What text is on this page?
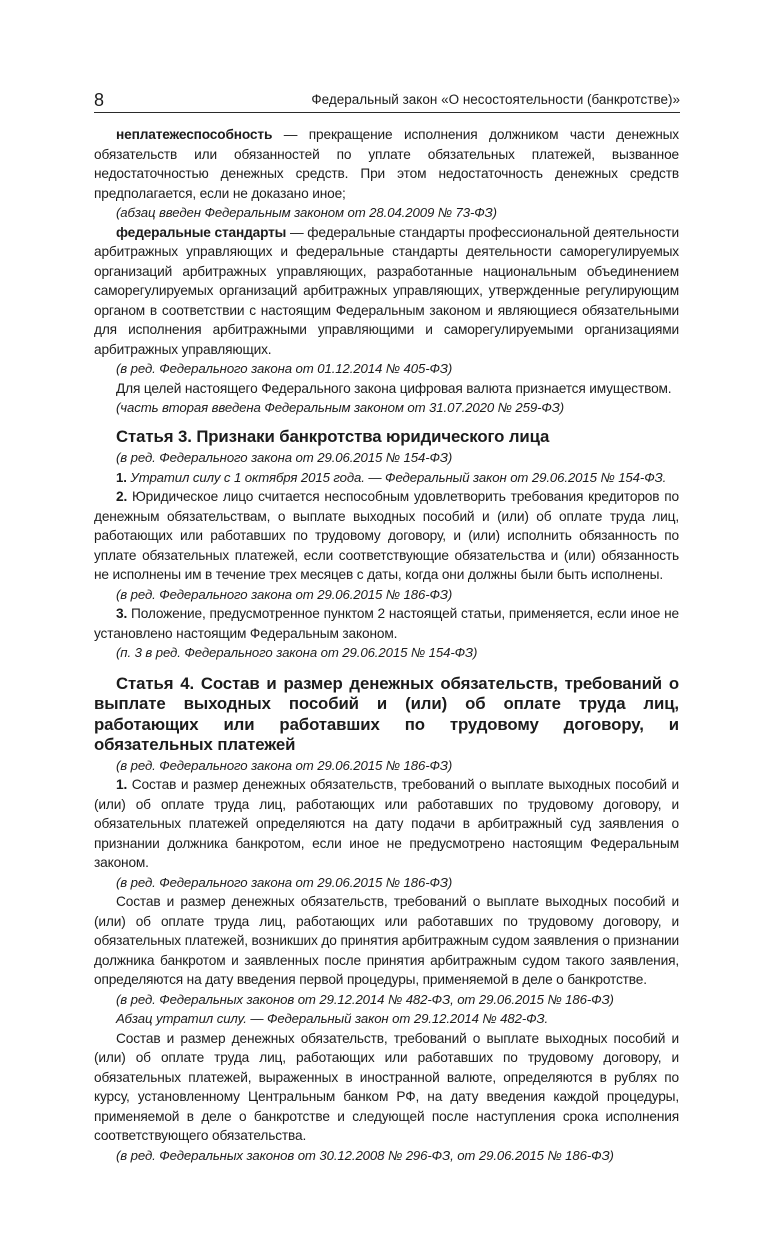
8	Федеральный закон «О несостоятельности (банкротстве)»

неплатежеспособность — прекращение исполнения должником части денежных обязательств или обязанностей по уплате обязательных платежей, вызванное недостаточностью денежных средств. При этом недостаточность денежных средств предполагается, если не доказано иное;

(абзац введен Федеральным законом от 28.04.2009 № 73-ФЗ)

федеральные стандарты — федеральные стандарты профессиональной деятельности арбитражных управляющих и федеральные стандарты деятельности саморегулируемых организаций арбитражных управляющих, разработанные национальным объединением саморегулируемых организаций арбитражных управляющих, утвержденные регулирующим органом в соответствии с настоящим Федеральным законом и являющиеся обязательными для исполнения арбитражными управляющими и саморегулируемыми организациями арбитражных управляющих.

(в ред. Федерального закона от 01.12.2014 № 405-ФЗ)

Для целей настоящего Федерального закона цифровая валюта признается имуществом.

(часть вторая введена Федеральным законом от 31.07.2020 № 259-ФЗ)

Статья 3. Признаки банкротства юридического лица

(в ред. Федерального закона от 29.06.2015 № 154-ФЗ)

1. Утратил силу с 1 октября 2015 года. — Федеральный закон от 29.06.2015 № 154-ФЗ.

2. Юридическое лицо считается неспособным удовлетворить требования кредиторов по денежным обязательствам, о выплате выходных пособий и (или) об оплате труда лиц, работающих или работавших по трудовому договору, и (или) исполнить обязанность по уплате обязательных платежей, если соответствующие обязательства и (или) обязанность не исполнены им в течение трех месяцев с даты, когда они должны были быть исполнены.

(в ред. Федерального закона от 29.06.2015 № 186-ФЗ)

3. Положение, предусмотренное пунктом 2 настоящей статьи, применяется, если иное не установлено настоящим Федеральным законом.

(п. 3 в ред. Федерального закона от 29.06.2015 № 154-ФЗ)

Статья 4. Состав и размер денежных обязательств, требований о выплате выходных пособий и (или) об оплате труда лиц, работающих или работавших по трудовому договору, и обязательных платежей

(в ред. Федерального закона от 29.06.2015 № 186-ФЗ)

1. Состав и размер денежных обязательств, требований о выплате выходных пособий и (или) об оплате труда лиц, работающих или работавших по трудовому договору, и обязательных платежей определяются на дату подачи в арбитражный суд заявления о признании должника банкротом, если иное не предусмотрено настоящим Федеральным законом.

(в ред. Федерального закона от 29.06.2015 № 186-ФЗ)

Состав и размер денежных обязательств, требований о выплате выходных пособий и (или) об оплате труда лиц, работающих или работавших по трудовому договору, и обязательных платежей, возникших до принятия арбитражным судом заявления о признании должника банкротом и заявленных после принятия арбитражным судом такого заявления, определяются на дату введения первой процедуры, применяемой в деле о банкротстве.

(в ред. Федеральных законов от 29.12.2014 № 482-ФЗ, от 29.06.2015 № 186-ФЗ)

Абзац утратил силу. — Федеральный закон от 29.12.2014 № 482-ФЗ.

Состав и размер денежных обязательств, требований о выплате выходных пособий и (или) об оплате труда лиц, работающих или работавших по трудовому договору, и обязательных платежей, выраженных в иностранной валюте, определяются в рублях по курсу, установленному Центральным банком РФ, на дату введения каждой процедуры, применяемой в деле о банкротстве и следующей после наступления срока исполнения соответствующего обязательства.

(в ред. Федеральных законов от 30.12.2008 № 296-ФЗ, от 29.06.2015 № 186-ФЗ)
